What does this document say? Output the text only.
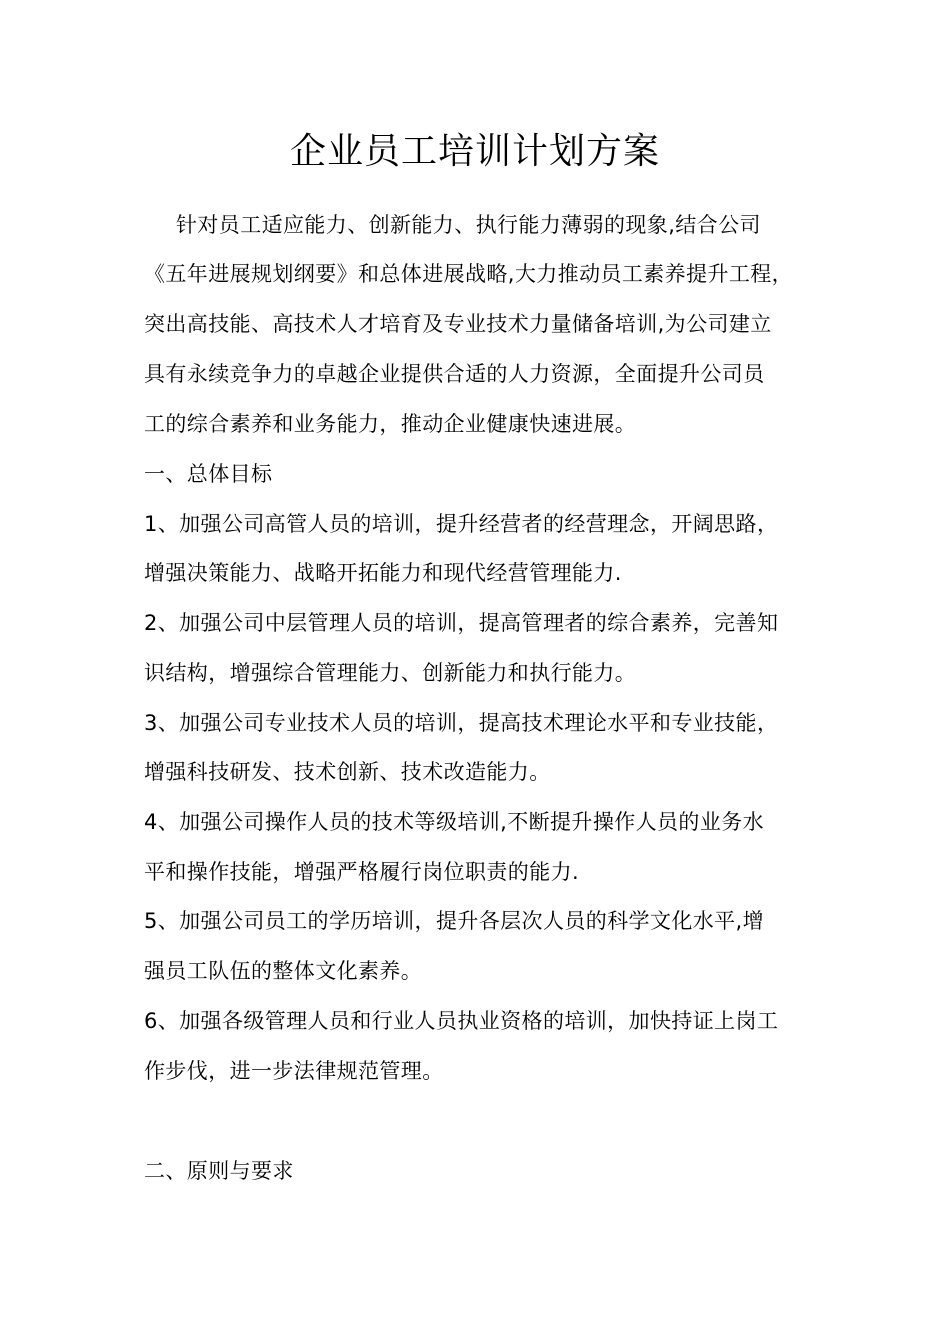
企业员工培训计划方案
针对员工适应能力、创新能力、执行能力薄弱的现象,结合公司
《五年进展规划纲要》和总体进展战略,大力推动员工素养提升工程，
突出高技能、高技术人才培育及专业技术力量储备培训,为公司建立
具有永续竞争力的卓越企业提供合适的人力资源，全面提升公司员
工的综合素养和业务能力，推动企业健康快速进展。
一、总体目标
1、加强公司高管人员的培训，提升经营者的经营理念，开阔思路，
增强决策能力、战略开拓能力和现代经营管理能力.
2、加强公司中层管理人员的培训，提高管理者的综合素养，完善知
识结构，增强综合管理能力、创新能力和执行能力。
3、加强公司专业技术人员的培训，提高技术理论水平和专业技能，
增强科技研发、技术创新、技术改造能力。
4、加强公司操作人员的技术等级培训,不断提升操作人员的业务水
平和操作技能，增强严格履行岗位职责的能力.
5、加强公司员工的学历培训，提升各层次人员的科学文化水平,增
强员工队伍的整体文化素养。
6、加强各级管理人员和行业人员执业资格的培训，加快持证上岗工
作步伐，进一步法律规范管理。
二、原则与要求
